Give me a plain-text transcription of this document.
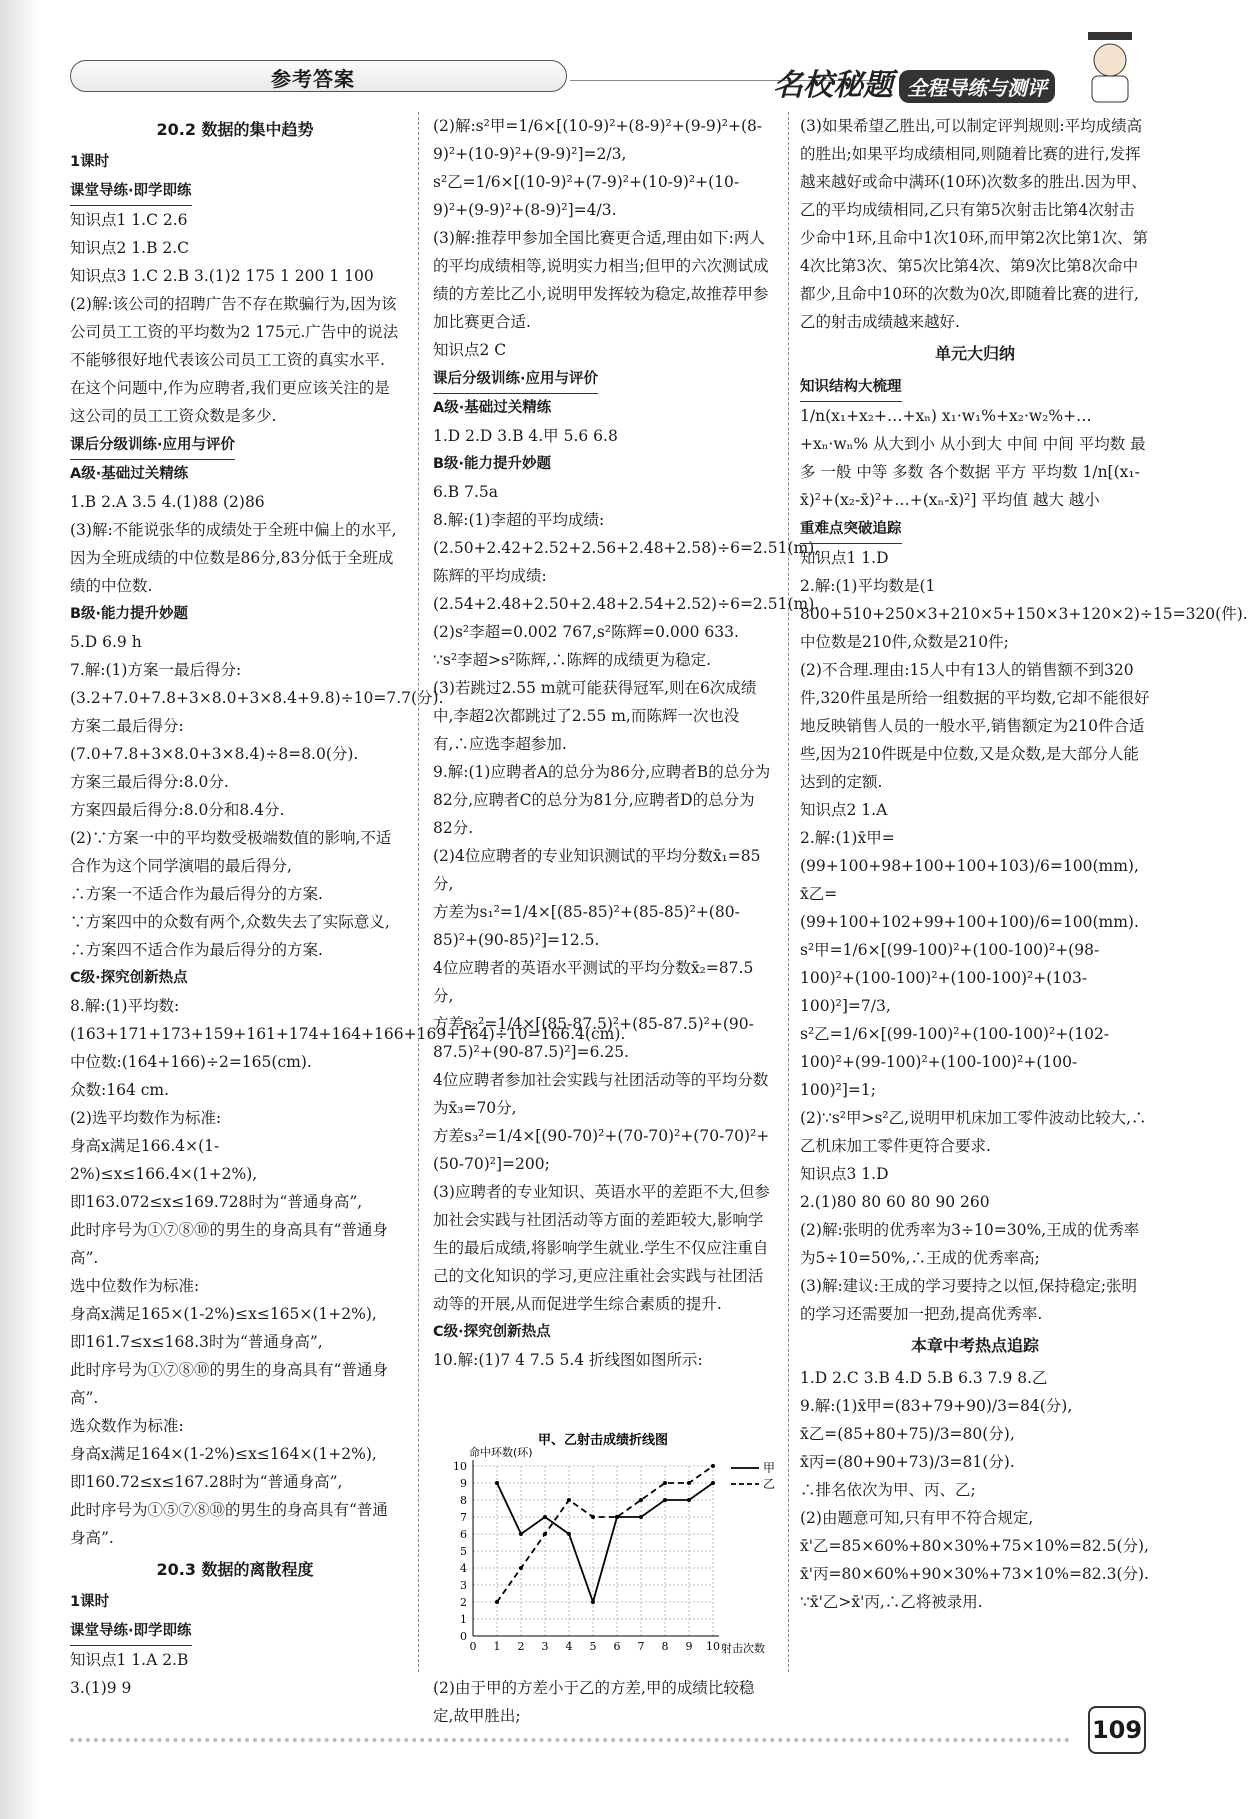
参考答案	名校秘题 全程导练与测评
20.2 数据的集中趋势
1课时
课堂导练·即学即练

知识点1 1.C 2.6

知识点2 1.B 2.C

知识点3 1.C 2.B 3.(1)2 175 1 200 1 100

(2)解:该公司的招聘广告不存在欺骗行为,因为该公司员工工资的平均数为2 175元.广告中的说法不能够很好地代表该公司员工工资的真实水平.在这个问题中,作为应聘者,我们更应该关注的是这公司的员工工资众数是多少.

课后分级训练·应用与评价
A级·基础过关精练

1.B 2.A 3.5 4.(1)88 (2)86

(3)解:不能说张华的成绩处于全班中偏上的水平,因为全班成绩的中位数是86分,83分低于全班成绩的中位数.

B级·能力提升妙题

5.D 6.9 h

7.解:(1)方案一最后得分:(3.2+7.0+7.8+3×8.0+3×8.4+9.8)÷10=7.7(分).

方案二最后得分:(7.0+7.8+3×8.0+3×8.4)÷8=8.0(分).

方案三最后得分:8.0分.

方案四最后得分:8.0分和8.4分.

(2)∵方案一中的平均数受极端数值的影响,不适合作为这个同学演唱的最后得分,

∴方案一不适合作为最后得分的方案.

∵方案四中的众数有两个,众数失去了实际意义,

∴方案四不适合作为最后得分的方案.

C级·探究创新热点

8.解:(1)平均数:(163+171+173+159+161+174+164+166+169+164)÷10=166.4(cm).

中位数:(164+166)÷2=165(cm).

众数:164 cm.

(2)选平均数作为标准:

身高x满足166.4×(1-2%)≤x≤166.4×(1+2%),

即163.072≤x≤169.728时为“普通身高”,

此时序号为①⑦⑧⑩的男生的身高具有“普通身高”.

选中位数作为标准:

身高x满足165×(1-2%)≤x≤165×(1+2%),

即161.7≤x≤168.3时为“普通身高”,

此时序号为①⑦⑧⑩的男生的身高具有“普通身高”.

选众数作为标准:

身高x满足164×(1-2%)≤x≤164×(1+2%),

即160.72≤x≤167.28时为“普通身高”,

此时序号为①⑤⑦⑧⑩的男生的身高具有“普通身高”.

20.3 数据的离散程度
1课时
课堂导练·即学即练

知识点1 1.A 2.B

3.(1)9 9

(2)解:s²甲=1/6×[(10-9)²+(8-9)²+(9-9)²+(8-9)²+(10-9)²+(9-9)²]=2/3,

s²乙=1/6×[(10-9)²+(7-9)²+(10-9)²+(10-9)²+(9-9)²+(8-9)²]=4/3.

(3)解:推荐甲参加全国比赛更合适,理由如下:两人的平均成绩相等,说明实力相当;但甲的六次测试成绩的方差比乙小,说明甲发挥较为稳定,故推荐甲参加比赛更合适.

知识点2 C

课后分级训练·应用与评价
A级·基础过关精练

1.D 2.D 3.B 4.甲 5.6 6.8

B级·能力提升妙题

6.B 7.5a

8.解:(1)李超的平均成绩:(2.50+2.42+2.52+2.56+2.48+2.58)÷6=2.51(m),

陈辉的平均成绩:(2.54+2.48+2.50+2.48+2.54+2.52)÷6=2.51(m).

(2)s²李超=0.002 767,s²陈辉=0.000 633.

∵s²李超>s²陈辉,∴陈辉的成绩更为稳定.

(3)若跳过2.55 m就可能获得冠军,则在6次成绩中,李超2次都跳过了2.55 m,而陈辉一次也没有,∴应选李超参加.

9.解:(1)应聘者A的总分为86分,应聘者B的总分为82分,应聘者C的总分为81分,应聘者D的总分为82分.

(2)4位应聘者的专业知识测试的平均分数x̄₁=85分,

方差为s₁²=1/4×[(85-85)²+(85-85)²+(80-85)²+(90-85)²]=12.5.

4位应聘者的英语水平测试的平均分数x̄₂=87.5分,

方差s₂²=1/4×[(85-87.5)²+(85-87.5)²+(90-87.5)²+(90-87.5)²]=6.25.

4位应聘者参加社会实践与社团活动等的平均分数为x̄₃=70分,

方差s₃²=1/4×[(90-70)²+(70-70)²+(70-70)²+(50-70)²]=200;

(3)应聘者的专业知识、英语水平的差距不大,但参加社会实践与社团活动等方面的差距较大,影响学生的最后成绩,将影响学生就业.学生不仅应注重自己的文化知识的学习,更应注重社会实践与社团活动等的开展,从而促进学生综合素质的提升.

C级·探究创新热点

10.解:(1)7 4 7.5 5.4 折线图如图所示:

(3)如果希望乙胜出,可以制定评判规则:平均成绩高的胜出;如果平均成绩相同,则随着比赛的进行,发挥越来越好或命中满环(10环)次数多的胜出.因为甲、乙的平均成绩相同,乙只有第5次射击比第4次射击少命中1环,且命中1次10环,而甲第2次比第1次、第4次比第3次、第5次比第4次、第9次比第8次命中都少,且命中10环的次数为0次,即随着比赛的进行,乙的射击成绩越来越好.

单元大归纳
知识结构大梳理

1/n(x₁+x₂+…+xₙ) x₁·w₁%+x₂·w₂%+…+xₙ·wₙ% 从大到小 从小到大 中间 中间 平均数 最多 一般 中等 多数 各个数据 平方 平均数 1/n[(x₁-x̄)²+(x₂-x̄)²+…+(xₙ-x̄)²] 平均值 越大 越小

重难点突破追踪

知识点1 1.D

2.解:(1)平均数是(1 800+510+250×3+210×5+150×3+120×2)÷15=320(件).

中位数是210件,众数是210件;

(2)不合理.理由:15人中有13人的销售额不到320件,320件虽是所给一组数据的平均数,它却不能很好地反映销售人员的一般水平,销售额定为210件合适些,因为210件既是中位数,又是众数,是大部分人能达到的定额.

知识点2 1.A

2.解:(1)x̄甲=(99+100+98+100+100+103)/6=100(mm),

x̄乙=(99+100+102+99+100+100)/6=100(mm).

s²甲=1/6×[(99-100)²+(100-100)²+(98-100)²+(100-100)²+(100-100)²+(103-100)²]=7/3,

s²乙=1/6×[(99-100)²+(100-100)²+(102-100)²+(99-100)²+(100-100)²+(100-100)²]=1;

(2)∵s²甲>s²乙,说明甲机床加工零件波动比较大,∴乙机床加工零件更符合要求.

知识点3 1.D

2.(1)80 80 60 80 90 260

(2)解:张明的优秀率为3÷10=30%,王成的优秀率为5÷10=50%,∴王成的优秀率高;

(3)解:建议:王成的学习要持之以恒,保持稳定;张明的学习还需要加一把劲,提高优秀率.

本章中考热点追踪

1.D 2.C 3.B 4.D 5.B 6.3 7.9 8.乙

9.解:(1)x̄甲=(83+79+90)/3=84(分),

x̄乙=(85+80+75)/3=80(分),

x̄丙=(80+90+73)/3=81(分).

∴排名依次为甲、丙、乙;

(2)由题意可知,只有甲不符合规定,

x̄'乙=85×60%+80×30%+75×10%=82.5(分),

x̄'丙=80×60%+90×30%+73×10%=82.3(分).

∵x̄'乙>x̄'丙,∴乙将被录用.

甲、乙射击成绩折线图
命中环数(环)
射击次数
0
1
2
3
4
5
6
7
8
9
10
0 1 2 3 4 5 6 7 8 9 10
甲
乙
109

(2)由于甲的方差小于乙的方差,甲的成绩比较稳定,故甲胜出;
